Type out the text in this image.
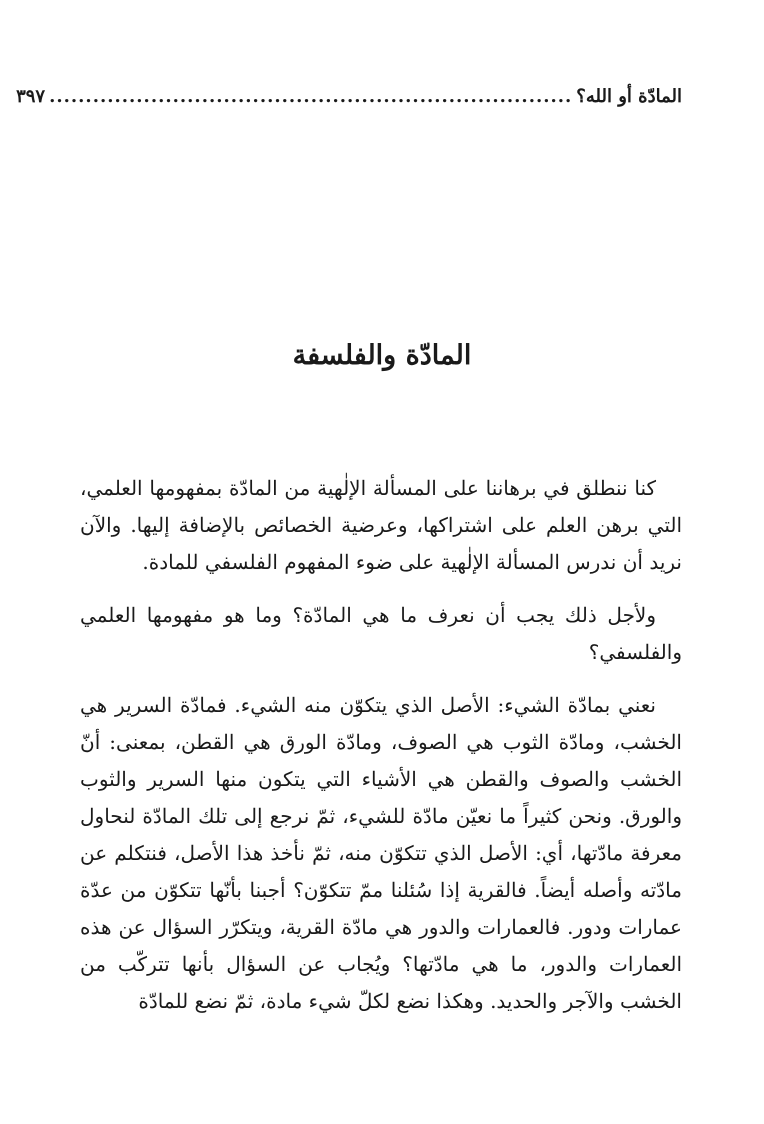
المادّة أو الله؟
........................................................................
٣٩٧
المادّة والفلسفة

كنا ننطلق في برهاننا على المسألة الإلٰهية من المادّة بمفهومها العلمي، التي برهن العلم على اشتراكها، وعرضية الخصائص بالإضافة إليها. والآن نريد أن ندرس المسألة الإلٰهية على ضوء المفهوم الفلسفي للمادة.

ولأجل ذلك يجب أن نعرف ما هي المادّة؟ وما هو مفهومها العلمي والفلسفي؟

نعني بمادّة الشيء: الأصل الذي يتكوّن منه الشيء. فمادّة السرير هي الخشب، ومادّة الثوب هي الصوف، ومادّة الورق هي القطن، بمعنى: أنّ الخشب والصوف والقطن هي الأشياء التي يتكون منها السرير والثوب والورق. ونحن كثيراً ما نعيّن مادّة للشيء، ثمّ نرجع إلى تلك المادّة لنحاول معرفة مادّتها، أي: الأصل الذي تتكوّن منه، ثمّ نأخذ هذا الأصل، فنتكلم عن مادّته وأصله أيضاً. فالقرية إذا سُئلنا ممّ تتكوّن؟ أجبنا بأنّها تتكوّن من عدّة عمارات ودور. فالعمارات والدور هي مادّة القرية، ويتكرّر السؤال عن هذه العمارات والدور، ما هي مادّتها؟ ويُجاب عن السؤال بأنها تتركّب من الخشب والآجر والحديد. وهكذا نضع لكلّ شيء مادة، ثمّ نضع للمادّة
